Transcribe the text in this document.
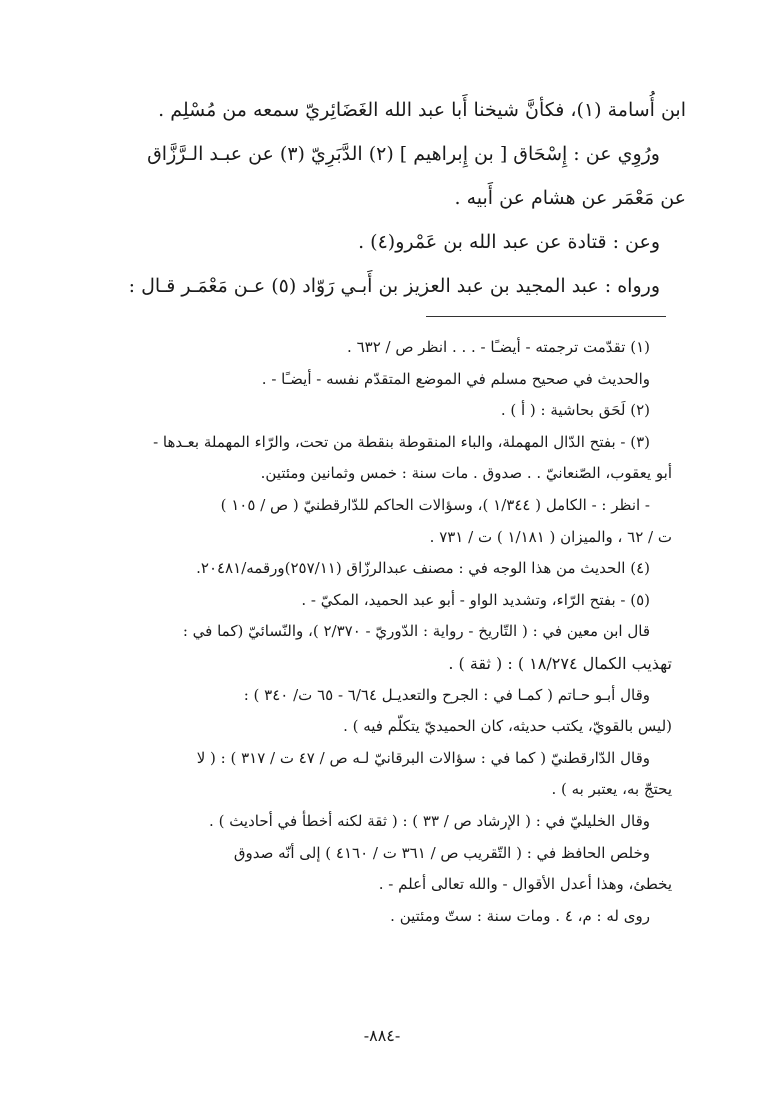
ابن أُسامة (١)، فكأنَّ شيخنا أَبا عبد الله الغَضَائِريّ سمعه من مُسْلِم .

ورُوِي عن : إِسْحَاق [ بن إِبراهيم ] (٢) الدَّبَرِيّ (٣) عن عبـد الـرَّزَّاق

عن مَعْمَر عن هشام عن أَبيه .

وعن : قتادة عن عبد الله بن عَمْرو(٤) .

ورواه : عبد المجيد بن عبد العزيز بن أَبـي رَوّاد (٥) عـن مَعْمَـر قـال :

(١) تقدّمت ترجمته - أيضـًا - . . . انظر ص / ٦٣٢ .

والحديث في صحيح مسلم في الموضع المتقدّم نفسه - أيضـًا - .

(٢) لَحَق بحاشية : ( أ ) .

(٣) - بفتح الدّال المهملة، والباء المنقوطة بنقطة من تحت، والرّاء المهملة بعـدها -

أبو يعقوب، الصّنعانيّ . . صدوق . مات سنة : خمس وثمانين ومئتين.

- انظر : - الكامل ( ١/٣٤٤ )، وسؤالات الحاكم للدّارقطنيّ ( ص / ١٠٥ )

ت / ٦٢ ، والميزان ( ١/١٨١ ) ت / ٧٣١ .

(٤) الحديث من هذا الوجه في : مصنف عبدالرزّاق (٢٥٧/١١)ورقمه/٢٠٤٨١.

(٥) - بفتح الرّاء، وتشديد الواو - أبو عبد الحميد، المكيّ - .

قال ابن معين في : ( التّاريخ - رواية : الدّوريّ - ٢/٣٧٠ )، والنّسائيّ (كما في :

تهذيب الكمال ١٨/٢٧٤ ) : ( ثقة ) .

وقال أبـو حـاتم ( كمـا في : الجرح والتعديـل ٦/٦٤ - ٦٥ ت/ ٣٤٠ ) :

(ليس بالقويّ، يكتب حديثه، كان الحميديّ يتكلّم فيه ) .

وقال الدّارقطنيّ ( كما في : سؤالات البرقانيّ لـه ص / ٤٧ ت / ٣١٧ ) : ( لا

يحتجّ به، يعتبر به ) .

وقال الخليليّ في : ( الإرشاد ص / ٣٣ ) : ( ثقة لكنه أخطأ في أحاديث ) .

وخلص الحافظ في : ( التّقريب ص / ٣٦١ ت / ٤١٦٠ ) إلى أنّه صدوق

يخطئ، وهذا أعدل الأقوال - والله تعالى أعلم - .

روى له : م، ٤ . ومات سنة : ستّ ومئتين .

-٨٨٤-
